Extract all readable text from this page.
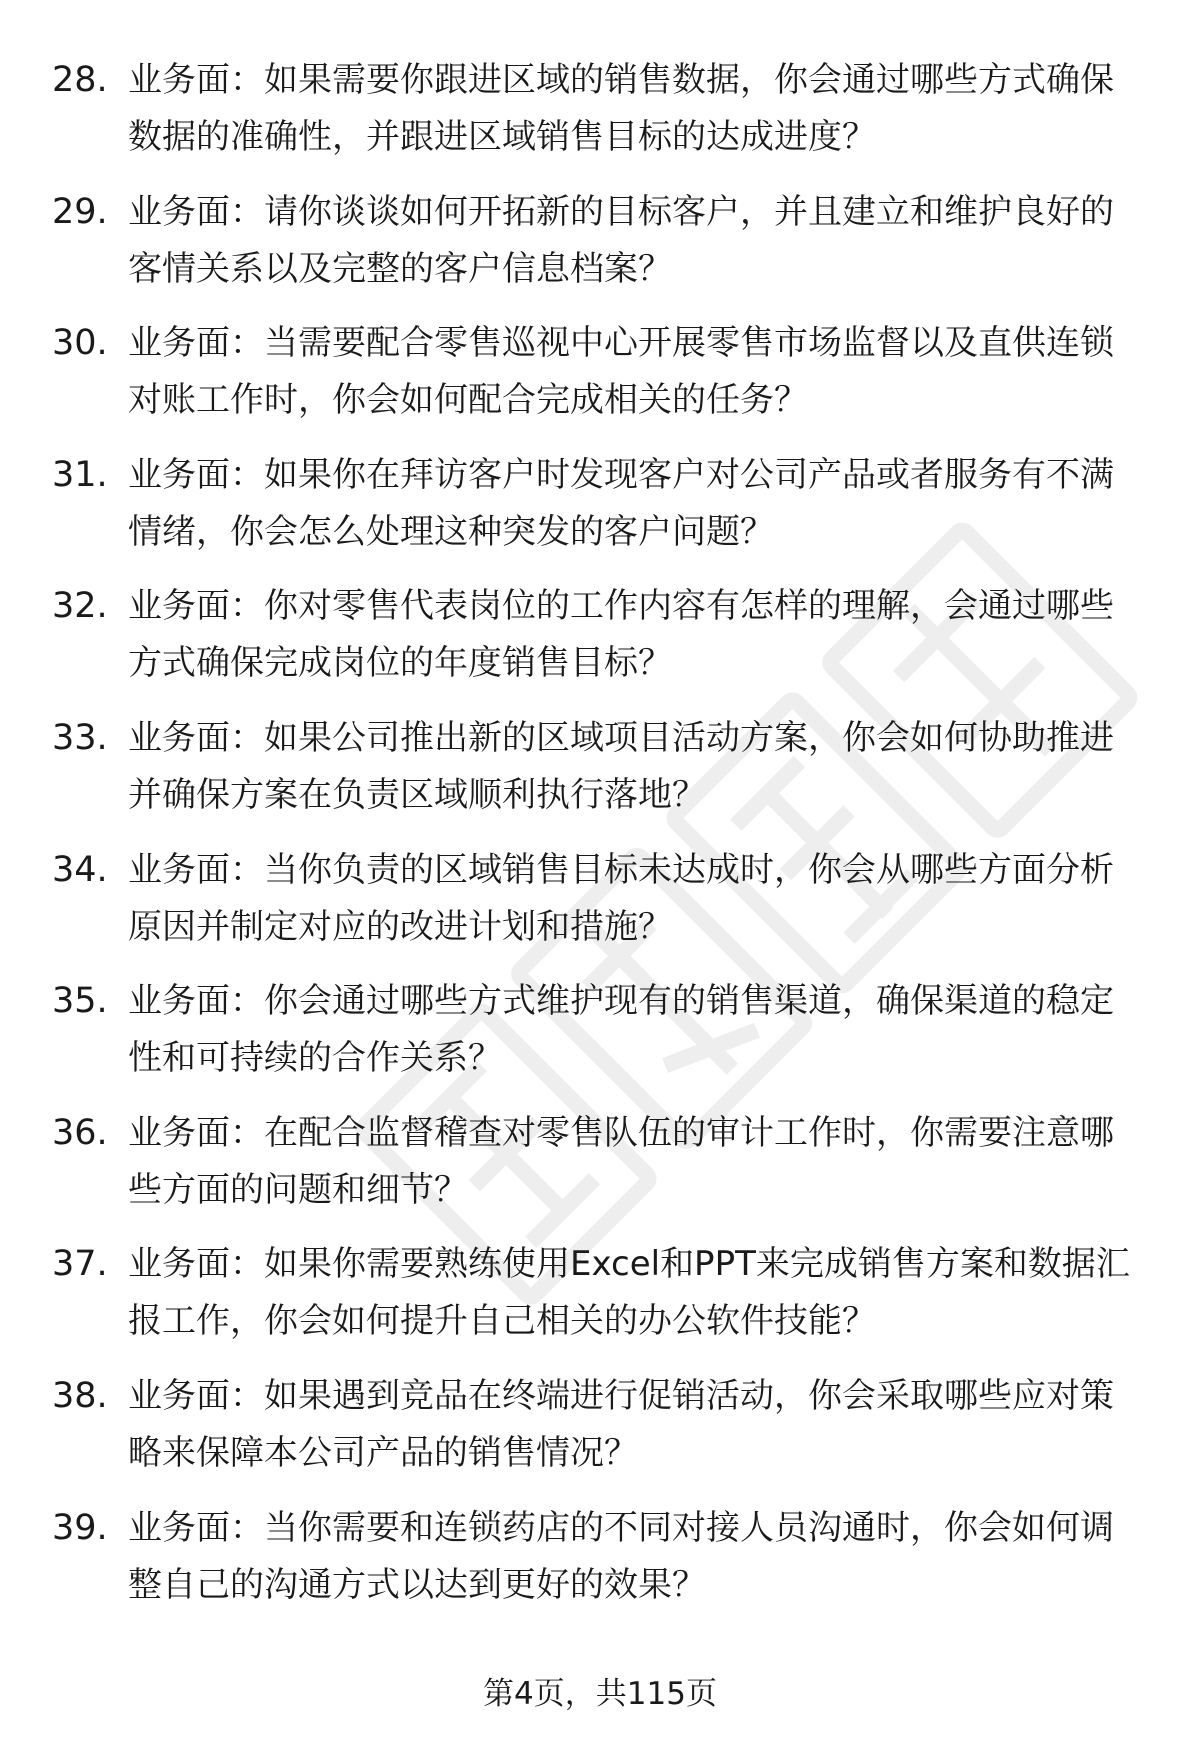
28. 业务面：如果需要你跟进区域的销售数据，你会通过哪些方式确保数据的准确性，并跟进区域销售目标的达成进度？
29. 业务面：请你谈谈如何开拓新的目标客户，并且建立和维护良好的客情关系以及完整的客户信息档案？
30. 业务面：当需要配合零售巡视中心开展零售市场监督以及直供连锁对账工作时，你会如何配合完成相关的任务？
31. 业务面：如果你在拜访客户时发现客户对公司产品或者服务有不满情绪，你会怎么处理这种突发的客户问题？
32. 业务面：你对零售代表岗位的工作内容有怎样的理解，会通过哪些方式确保完成岗位的年度销售目标？
33. 业务面：如果公司推出新的区域项目活动方案，你会如何协助推进并确保方案在负责区域顺利执行落地？
34. 业务面：当你负责的区域销售目标未达成时，你会从哪些方面分析原因并制定对应的改进计划和措施？
35. 业务面：你会通过哪些方式维护现有的销售渠道，确保渠道的稳定性和可持续的合作关系？
36. 业务面：在配合监督稽查对零售队伍的审计工作时，你需要注意哪些方面的问题和细节？
37. 业务面：如果你需要熟练使用Excel和PPT来完成销售方案和数据汇报工作，你会如何提升自己相关的办公软件技能？
38. 业务面：如果遇到竞品在终端进行促销活动，你会采取哪些应对策略来保障本公司产品的销售情况？
39. 业务面：当你需要和连锁药店的不同对接人员沟通时，你会如何调整自己的沟通方式以达到更好的效果？
第4页，共115页
